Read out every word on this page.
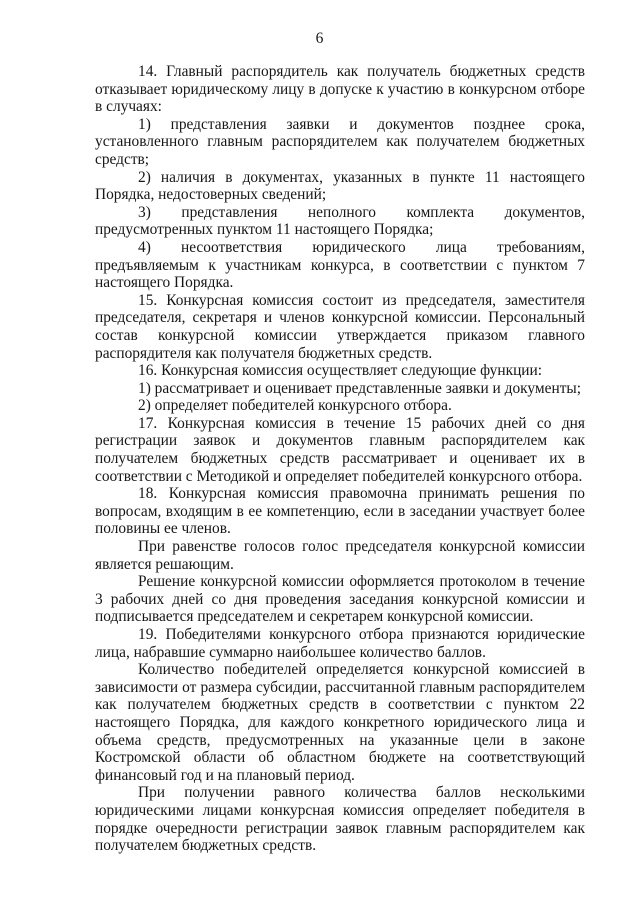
6

14. Главный распорядитель как получатель бюджетных средств отказывает юридическому лицу в допуске к участию в конкурсном отборе в случаях:

1) представления заявки и документов позднее срока, установленного главным распорядителем как получателем бюджетных средств;

2) наличия в документах, указанных в пункте 11 настоящего Порядка, недостоверных сведений;

3) представления неполного комплекта документов, предусмотренных пунктом 11 настоящего Порядка;

4) несоответствия юридического лица требованиям, предъявляемым к участникам конкурса, в соответствии с пунктом 7 настоящего Порядка.

15. Конкурсная комиссия состоит из председателя, заместителя председателя, секретаря и членов конкурсной комиссии. Персональный состав конкурсной комиссии утверждается приказом главного распорядителя как получателя бюджетных средств.

16. Конкурсная комиссия осуществляет следующие функции:

1) рассматривает и оценивает представленные заявки и документы;

2) определяет победителей конкурсного отбора.

17. Конкурсная комиссия в течение 15 рабочих дней со дня регистрации заявок и документов главным распорядителем как получателем бюджетных средств рассматривает и оценивает их в соответствии с Методикой и определяет победителей конкурсного отбора.

18. Конкурсная комиссия правомочна принимать решения по вопросам, входящим в ее компетенцию, если в заседании участвует более половины ее членов.

При равенстве голосов голос председателя конкурсной комиссии является решающим.

Решение конкурсной комиссии оформляется протоколом в течение 3 рабочих дней со дня проведения заседания конкурсной комиссии и подписывается председателем и секретарем конкурсной комиссии.

19. Победителями конкурсного отбора признаются юридические лица, набравшие суммарно наибольшее количество баллов.

Количество победителей определяется конкурсной комиссией в зависимости от размера субсидии, рассчитанной главным распорядителем как получателем бюджетных средств в соответствии с пунктом 22 настоящего Порядка, для каждого конкретного юридического лица и объема средств, предусмотренных на указанные цели в законе Костромской области об областном бюджете на соответствующий финансовый год и на плановый период.

При получении равного количества баллов несколькими юридическими лицами конкурсная комиссия определяет победителя в порядке очередности регистрации заявок главным распорядителем как получателем бюджетных средств.
